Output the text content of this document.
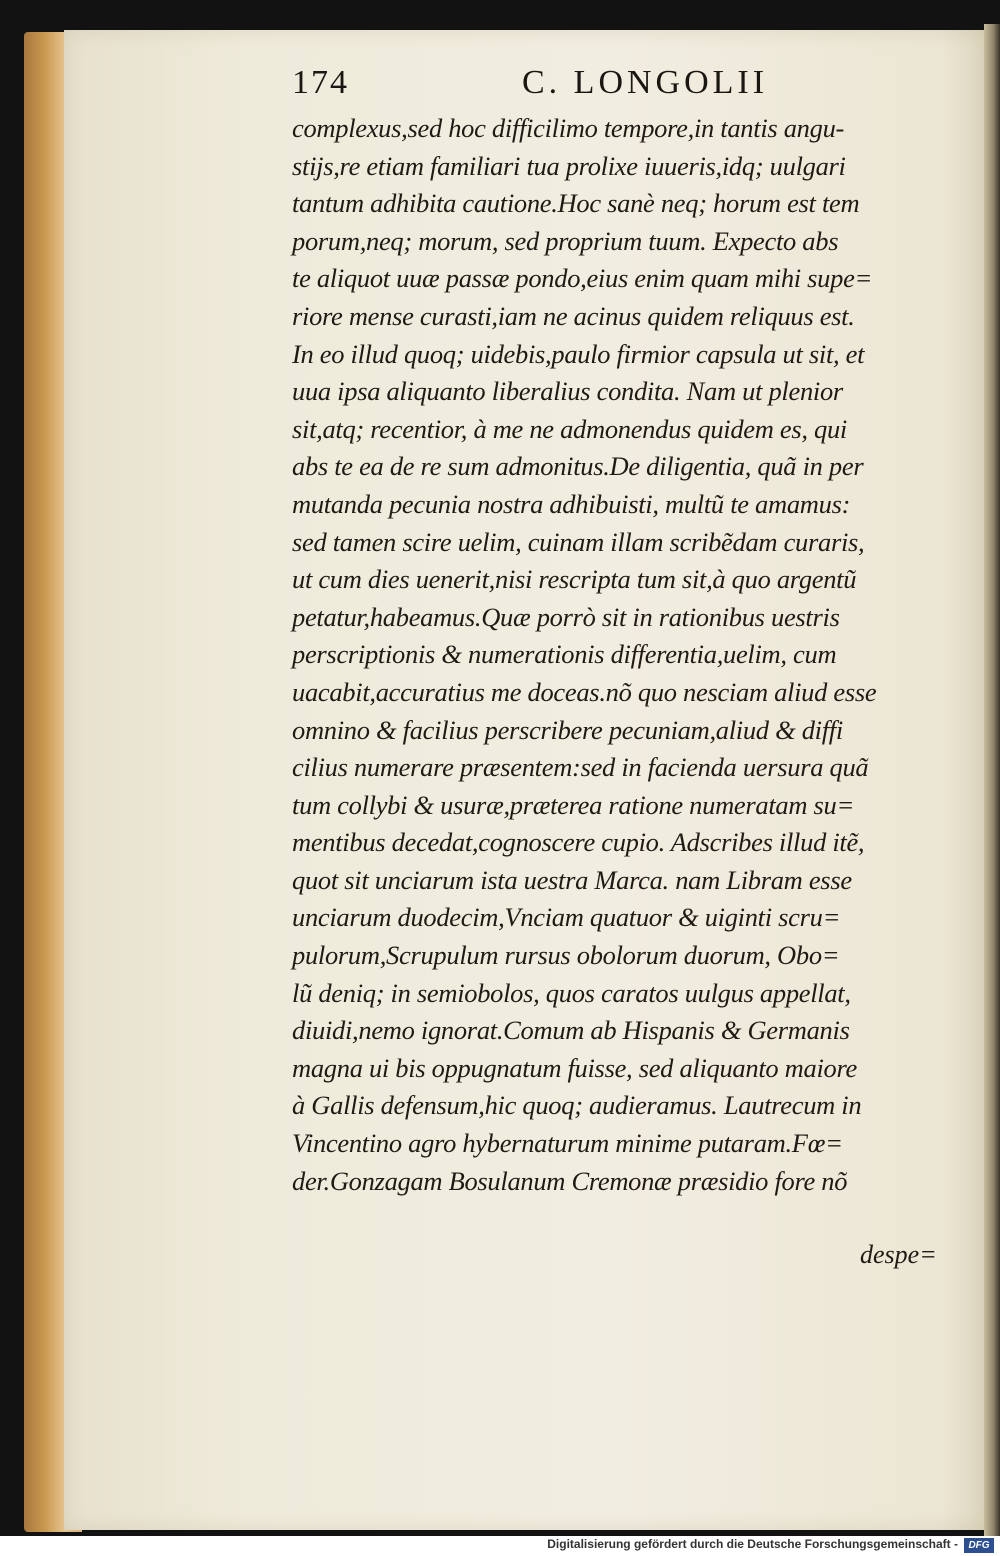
174	C. LONGOLII
complexus,sed hoc difficilimo tempore,in tantis angu-
stijs,re etiam familiari tua prolixe iuueris,idq; uulgari
tantum adhibita cautione.Hoc sanè neq; horum est tem
porum,neq; morum, sed proprium tuum. Expecto abs
te aliquot uuæ passæ pondo,eius enim quam mihi supe=
riore mense curasti,iam ne acinus quidem reliquus est.
In eo illud quoq; uidebis,paulo firmior capsula ut sit, et
uua ipsa aliquanto liberalius condita. Nam ut plenior
sit,atq; recentior, à me ne admonendus quidem es, qui
abs te ea de re sum admonitus.De diligentia, quã in per
mutanda pecunia nostra adhibuisti, multũ te amamus:
sed tamen scire uelim, cuinam illam scribẽdam curaris,
ut cum dies uenerit,nisi rescripta tum sit,à quo argentũ
petatur,habeamus.Quæ porrò sit in rationibus uestris
perscriptionis & numerationis differentia,uelim, cum
uacabit,accuratius me doceas.nõ quo nesciam aliud esse
omnino & facilius perscribere pecuniam,aliud & diffi
cilius numerare præsentem:sed in facienda uersura quã
tum collybi & usuræ,præterea ratione numeratam su=
mentibus decedat,cognoscere cupio. Adscribes illud itẽ,
quot sit unciarum ista uestra Marca. nam Libram esse
unciarum duodecim,Vnciam quatuor & uiginti scru=
pulorum,Scrupulum rursus obolorum duorum, Obo=
lũ deniq; in semiobolos, quos caratos uulgus appellat,
diuidi,nemo ignorat.Comum ab Hispanis & Germanis
magna ui bis oppugnatum fuisse, sed aliquanto maiore
à Gallis defensum,hic quoq; audieramus. Lautrecum in
Vincentino agro hybernaturum minime putaram.Fœ=
der.Gonzagam Bosulanum Cremonæ præsidio fore nõ
despe=
Digitalisierung gefördert durch die Deutsche Forschungsgemeinschaft -	DFG
